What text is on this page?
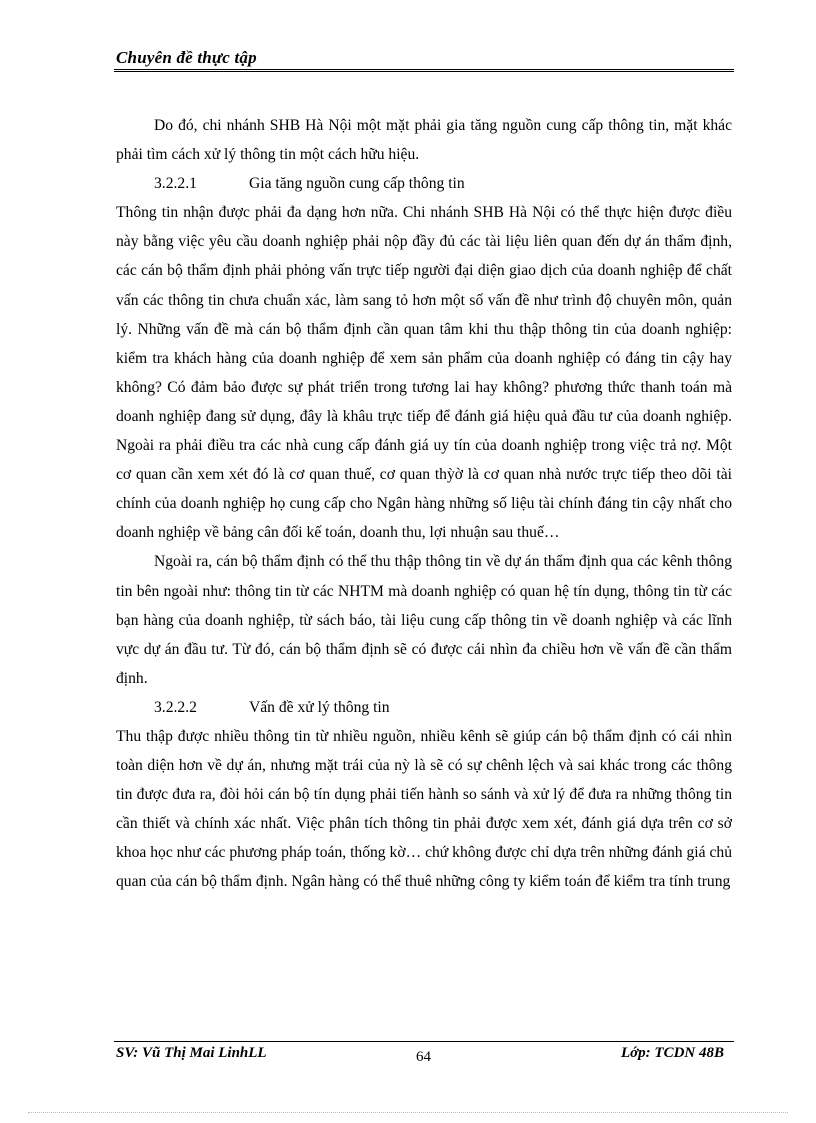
Chuyên đề thực tập

Do đó, chi nhánh SHB Hà Nội một mặt phải gia tăng nguồn cung cấp thông tin, mặt khác phải tìm cách xử lý thông tin một cách hữu hiệu.

3.2.2.1	Gia tăng nguồn cung cấp thông tin

Thông tin nhận được phải đa dạng hơn nữa. Chi nhánh SHB Hà Nội có thể thực hiện được điều này bằng việc yêu cầu doanh nghiệp phải nộp đầy đủ các tài liệu liên quan đến dự án thẩm định, các cán bộ thẩm định phải phỏng vấn trực tiếp người đại diện giao dịch của doanh nghiệp để chất vấn các thông tin chưa chuẩn xác, làm sang tỏ hơn một số vấn đề như trình độ chuyên môn, quản lý. Những vấn đề mà cán bộ thẩm định cần quan tâm khi thu thập thông tin của doanh nghiệp: kiểm tra khách hàng của doanh nghiệp để xem sản phẩm của doanh nghiệp có đáng tin cậy hay không? Có đảm bảo được sự phát triển trong tương lai hay không? phương thức thanh toán mà doanh nghiệp đang sử dụng, đây là khâu trực tiếp để đánh giá hiệu quả đầu tư của doanh nghiệp. Ngoài ra phải điều tra các nhà cung cấp đánh giá uy tín của doanh nghiệp trong việc trả nợ. Một cơ quan cần xem xét đó là cơ quan thuế, cơ quan thỳờ là cơ quan nhà nước trực tiếp theo dõi tài chính của doanh nghiệp họ cung cấp cho Ngân hàng những số liệu tài chính đáng tin cậy nhất cho doanh nghiệp về bảng cân đối kế toán, doanh thu, lợi nhuận sau thuế…

Ngoài ra, cán bộ thẩm định có thể thu thập thông tin về dự án thẩm định qua các kênh thông tin bên ngoài như: thông tin từ các NHTM mà doanh nghiệp có quan hệ tín dụng, thông tin từ các bạn hàng của doanh nghiệp, từ sách báo, tài liệu cung cấp thông tin về doanh nghiệp và các lĩnh vực dự án đầu tư. Từ đó, cán bộ thẩm định sẽ có được cái nhìn đa chiều hơn về vấn đề cần thẩm định.

3.2.2.2	Vấn đề xử lý thông tin

Thu thập được nhiều thông tin từ nhiều nguồn, nhiều kênh sẽ giúp cán bộ thẩm định có cái nhìn toàn diện hơn về dự án, nhưng mặt trái của nỳ là sẽ có sự chênh lệch và sai khác trong các thông tin được đưa ra, đòi hỏi cán bộ tín dụng phải tiến hành so sánh và xử lý để đưa ra những thông tin cần thiết và chính xác nhất. Việc phân tích thông tin phải được xem xét, đánh giá dựa trên cơ sở khoa học như các phương pháp toán, thống kờ… chứ không được chỉ dựa trên những đánh giá chủ quan của cán bộ thẩm định. Ngân hàng có thể thuê những công ty kiểm toán để kiểm tra tính trung

SV: Vũ Thị Mai LinhLL	64	Lớp: TCDN 48B
